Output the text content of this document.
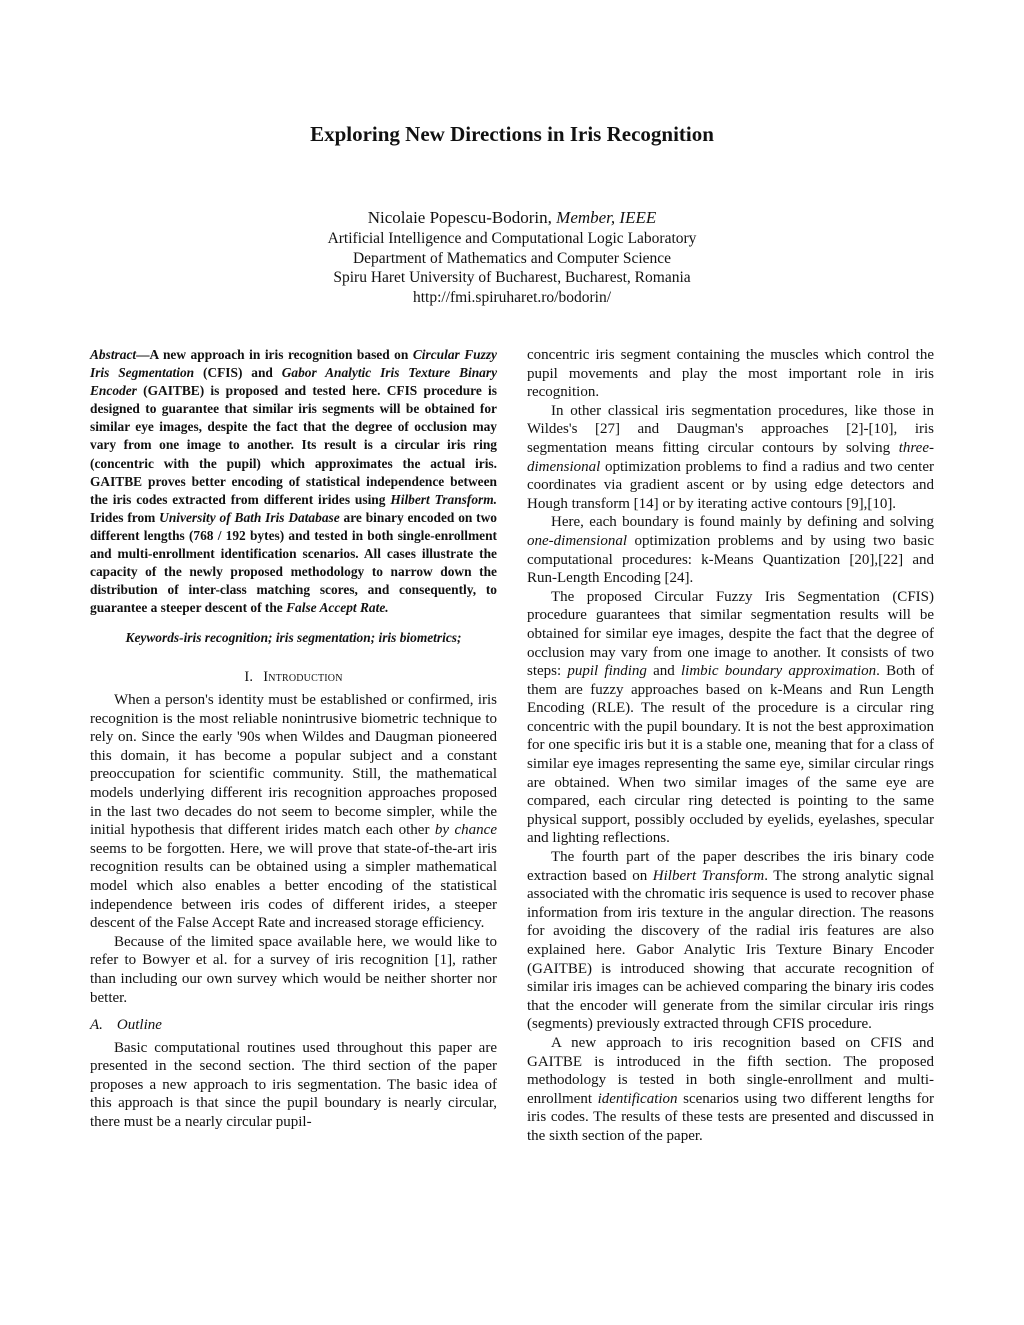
Exploring New Directions in Iris Recognition
Nicolaie Popescu-Bodorin, Member, IEEE
Artificial Intelligence and Computational Logic Laboratory
Department of Mathematics and Computer Science
Spiru Haret University of Bucharest, Bucharest, Romania
http://fmi.spiruharet.ro/bodorin/

Abstract—A new approach in iris recognition based on Circular Fuzzy Iris Segmentation (CFIS) and Gabor Analytic Iris Texture Binary Encoder (GAITBE) is proposed and tested here. CFIS procedure is designed to guarantee that similar iris segments will be obtained for similar eye images, despite the fact that the degree of occlusion may vary from one image to another. Its result is a circular iris ring (concentric with the pupil) which approximates the actual iris. GAITBE proves better encoding of statistical independence between the iris codes extracted from different irides using Hilbert Transform. Irides from University of Bath Iris Database are binary encoded on two different lengths (768 / 192 bytes) and tested in both single-enrollment and multi-enrollment identification scenarios. All cases illustrate the capacity of the newly proposed methodology to narrow down the distribution of inter-class matching scores, and consequently, to guarantee a steeper descent of the False Accept Rate.

Keywords-iris recognition; iris segmentation; iris biometrics;

I. Introduction

When a person's identity must be established or confirmed, iris recognition is the most reliable nonintrusive biometric technique to rely on. Since the early '90s when Wildes and Daugman pioneered this domain, it has become a popular subject and a constant preoccupation for scientific community. Still, the mathematical models underlying different iris recognition approaches proposed in the last two decades do not seem to become simpler, while the initial hypothesis that different irides match each other by chance seems to be forgotten. Here, we will prove that state-of-the-art iris recognition results can be obtained using a simpler mathematical model which also enables a better encoding of the statistical independence between iris codes of different irides, a steeper descent of the False Accept Rate and increased storage efficiency.

Because of the limited space available here, we would like to refer to Bowyer et al. for a survey of iris recognition [1], rather than including our own survey which would be neither shorter nor better.

A. Outline

Basic computational routines used throughout this paper are presented in the second section. The third section of the paper proposes a new approach to iris segmentation. The basic idea of this approach is that since the pupil boundary is nearly circular, there must be a nearly circular pupil-

concentric iris segment containing the muscles which control the pupil movements and play the most important role in iris recognition.

In other classical iris segmentation procedures, like those in Wildes's [27] and Daugman's approaches [2]-[10], iris segmentation means fitting circular contours by solving three-dimensional optimization problems to find a radius and two center coordinates via gradient ascent or by using edge detectors and Hough transform [14] or by iterating active contours [9],[10].

Here, each boundary is found mainly by defining and solving one-dimensional optimization problems and by using two basic computational procedures: k-Means Quantization [20],[22] and Run-Length Encoding [24].

The proposed Circular Fuzzy Iris Segmentation (CFIS) procedure guarantees that similar segmentation results will be obtained for similar eye images, despite the fact that the degree of occlusion may vary from one image to another. It consists of two steps: pupil finding and limbic boundary approximation. Both of them are fuzzy approaches based on k-Means and Run Length Encoding (RLE). The result of the procedure is a circular ring concentric with the pupil boundary. It is not the best approximation for one specific iris but it is a stable one, meaning that for a class of similar eye images representing the same eye, similar circular rings are obtained. When two similar images of the same eye are compared, each circular ring detected is pointing to the same physical support, possibly occluded by eyelids, eyelashes, specular and lighting reflections.

The fourth part of the paper describes the iris binary code extraction based on Hilbert Transform. The strong analytic signal associated with the chromatic iris sequence is used to recover phase information from iris texture in the angular direction. The reasons for avoiding the discovery of the radial iris features are also explained here. Gabor Analytic Iris Texture Binary Encoder (GAITBE) is introduced showing that accurate recognition of similar iris images can be achieved comparing the binary iris codes that the encoder will generate from the similar circular iris rings (segments) previously extracted through CFIS procedure.

A new approach to iris recognition based on CFIS and GAITBE is introduced in the fifth section. The proposed methodology is tested in both single-enrollment and multi-enrollment identification scenarios using two different lengths for iris codes. The results of these tests are presented and discussed in the sixth section of the paper.
